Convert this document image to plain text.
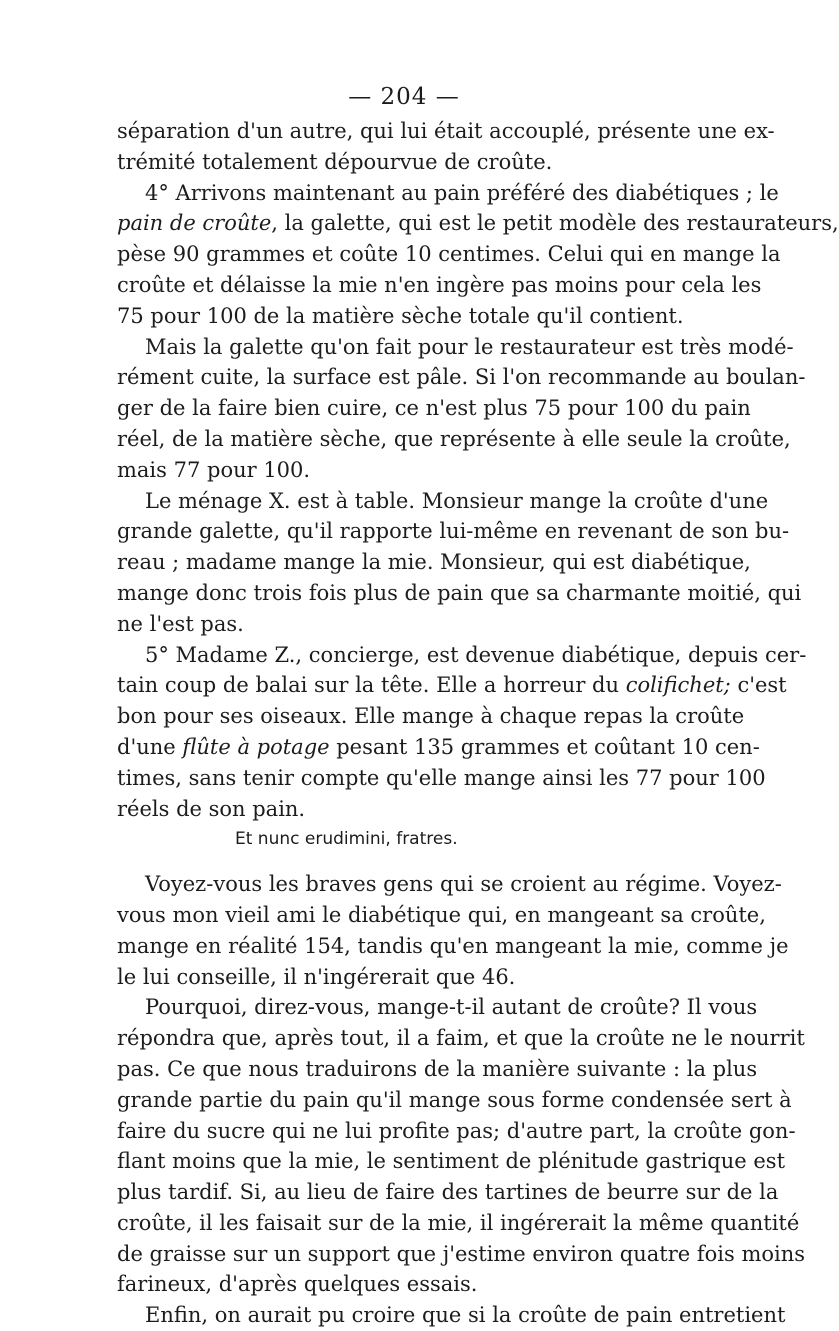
— 204 —
séparation d'un autre, qui lui était accouplé, présente une ex-
trémité totalement dépourvue de croûte.
4° Arrivons maintenant au pain préféré des diabétiques ; le
pain de croûte, la galette, qui est le petit modèle des restaurateurs,
pèse 90 grammes et coûte 10 centimes. Celui qui en mange la
croûte et délaisse la mie n'en ingère pas moins pour cela les
75 pour 100 de la matière sèche totale qu'il contient.
Mais la galette qu'on fait pour le restaurateur est très modé-
rément cuite, la surface est pâle. Si l'on recommande au boulan-
ger de la faire bien cuire, ce n'est plus 75 pour 100 du pain
réel, de la matière sèche, que représente à elle seule la croûte,
mais 77 pour 100.
Le ménage X. est à table. Monsieur mange la croûte d'une
grande galette, qu'il rapporte lui-même en revenant de son bu-
reau ; madame mange la mie. Monsieur, qui est diabétique,
mange donc trois fois plus de pain que sa charmante moitié, qui
ne l'est pas.
5° Madame Z., concierge, est devenue diabétique, depuis cer-
tain coup de balai sur la tête. Elle a horreur du colifichet; c'est
bon pour ses oiseaux. Elle mange à chaque repas la croûte
d'une flûte à potage pesant 135 grammes et coûtant 10 cen-
times, sans tenir compte qu'elle mange ainsi les 77 pour 100
réels de son pain.
Et nunc erudimini, fratres.
Voyez-vous les braves gens qui se croient au régime. Voyez-
vous mon vieil ami le diabétique qui, en mangeant sa croûte,
mange en réalité 154, tandis qu'en mangeant la mie, comme je
le lui conseille, il n'ingérerait que 46.
Pourquoi, direz-vous, mange-t-il autant de croûte? Il vous
répondra que, après tout, il a faim, et que la croûte ne le nourrit
pas. Ce que nous traduirons de la manière suivante : la plus
grande partie du pain qu'il mange sous forme condensée sert à
faire du sucre qui ne lui profite pas; d'autre part, la croûte gon-
flant moins que la mie, le sentiment de plénitude gastrique est
plus tardif. Si, au lieu de faire des tartines de beurre sur de la
croûte, il les faisait sur de la mie, il ingérerait la même quantité
de graisse sur un support que j'estime environ quatre fois moins
farineux, d'après quelques essais.
Enfin, on aurait pu croire que si la croûte de pain entretient
